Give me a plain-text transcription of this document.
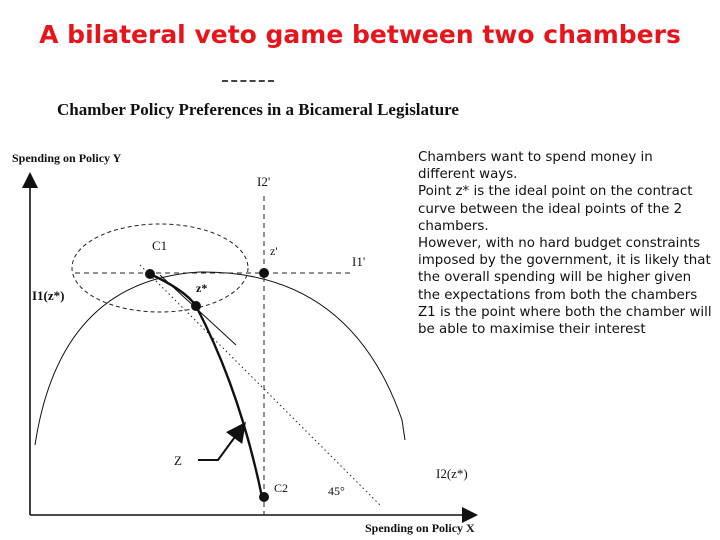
A bilateral veto game between two chambers
Chamber Policy Preferences in a Bicameral Legislature
Spending on Policy Y
Spending on Policy X
I2'
I1'
z'
C1
z*
I1(z*)
Z
C2	45°
I2(z*)
Chambers want to spend money in different ways.
Point z* is the ideal point on the contract curve between the ideal points of the 2 chambers.
However, with no hard budget constraints imposed by the government, it is likely that the overall spending will be higher given the expectations from both the chambers
Z1 is the point where both the chamber will be able to maximise their interest
